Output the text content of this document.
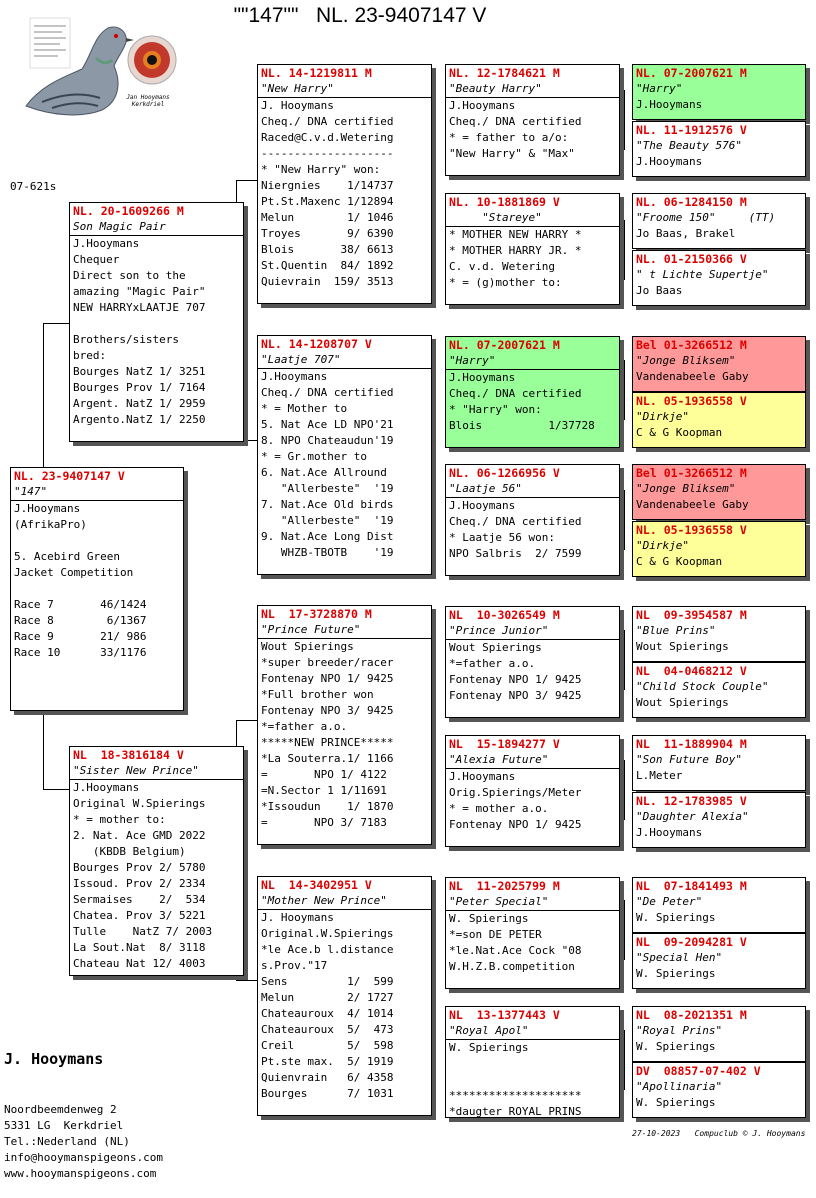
""147""   NL. 23-9407147 V
Jan Hooymans
Kerkdriel
07-621s
NL. 23-9407147 V
"147"
J.Hooymans
(AfrikaPro)

5. Acebird Green
Jacket Competition

Race 7       46/1424
Race 8        6/1367
Race 9       21/ 986
Race 10      33/1176
NL. 20-1609266 M
Son Magic Pair
J.Hooymans
Chequer
Direct son to the
amazing "Magic Pair"
NEW HARRYxLAATJE 707

Brothers/sisters
bred:
Bourges NatZ 1/ 3251
Bourges Prov 1/ 7164
Argent. NatZ 1/ 2959
Argento.NatZ 1/ 2250
NL  18-3816184 V
"Sister New Prince"
J.Hooymans
Original W.Spierings
* = mother to:
2. Nat. Ace GMD 2022
(KBDB Belgium)
Bourges Prov 2/ 5780
Issoud. Prov 2/ 2334
Sermaises    2/  534
Chatea. Prov 3/ 5221
Tulle    NatZ 7/ 2003
La Sout.Nat  8/ 3118
Chateau Nat 12/ 4003
NL. 14-1219811 M
"New Harry"
J. Hooymans
Cheq./ DNA certified
Raced@C.v.d.Wetering
--------------------
* "New Harry" won:
Niergnies    1/14737
Pt.St.Maxenc 1/12894
Melun        1/ 1046
Troyes       9/ 6390
Blois       38/ 6613
St.Quentin  84/ 1892
Quievrain  159/ 3513
NL. 14-1208707 V
"Laatje 707"
J.Hooymans
Cheq./ DNA certified
* = Mother to
5. Nat Ace LD NPO'21
8. NPO Chateaudun'19
* = Gr.mother to
6. Nat.Ace Allround
"Allerbeste"  '19
7. Nat.Ace Old birds
"Allerbeste"  '19
9. Nat.Ace Long Dist
WHZB-TBOTB    '19
NL  17-3728870 M
"Prince Future"
Wout Spierings
*super breeder/racer
Fontenay NPO 1/ 9425
*Full brother won
Fontenay NPO 3/ 9425
*=father a.o.
*****NEW PRINCE*****
*La Souterra.1/ 1166
=       NPO 1/ 4122
=N.Sector 1 1/11691
*Issoudun    1/ 1870
=       NPO 3/ 7183
NL  14-3402951 V
"Mother New Prince"
J. Hooymans
Original.W.Spierings
*le Ace.b l.distance
s.Prov."17
Sens         1/  599
Melun        2/ 1727
Chateauroux  4/ 1014
Chateauroux  5/  473
Creil        5/  598
Pt.ste max.  5/ 1919
Quienvrain   6/ 4358
Bourges      7/ 1031
NL. 12-1784621 M
"Beauty Harry"
J.Hooymans
Cheq./ DNA certified
* = father to a/o:
"New Harry" & "Max"
NL. 10-1881869 V
"Stareye"
* MOTHER NEW HARRY *
* MOTHER HARRY JR. *
C. v.d. Wetering
* = (g)mother to:
NL. 07-2007621 M
"Harry"
J.Hooymans
Cheq./ DNA certified
* "Harry" won:
Blois          1/37728
NL. 06-1266956 V
"Laatje 56"
J.Hooymans
Cheq./ DNA certified
* Laatje 56 won:
NPO Salbris  2/ 7599
NL  10-3026549 M
"Prince Junior"
Wout Spierings
*=father a.o.
Fontenay NPO 1/ 9425
Fontenay NPO 3/ 9425
NL  15-1894277 V
"Alexia Future"
J.Hooymans
Orig.Spierings/Meter
* = mother a.o.
Fontenay NPO 1/ 9425
NL  11-2025799 M
"Peter Special"
W. Spierings
*=son DE PETER
*le.Nat.Ace Cock "08
W.H.Z.B.competition
NL  13-1377443 V
"Royal Apol"
W. Spierings

********************
*daugter ROYAL PRINS
NL. 07-2007621 M
"Harry"
J.Hooymans
NL. 11-1912576 V
"The Beauty 576"
J.Hooymans
NL. 06-1284150 M
"Froome 150"     (TT)
Jo Baas, Brakel
NL. 01-2150366 V
" t Lichte Supertje"
Jo Baas
Bel 01-3266512 M
"Jonge Bliksem"
Vandenabeele Gaby
NL. 05-1936558 V
"Dirkje"
C & G Koopman
Bel 01-3266512 M
"Jonge Bliksem"
Vandenabeele Gaby
NL. 05-1936558 V
"Dirkje"
C & G Koopman
NL  09-3954587 M
"Blue Prins"
Wout Spierings
NL  04-0468212 V
"Child Stock Couple"
Wout Spierings
NL  11-1889904 M
"Son Future Boy"
L.Meter
NL. 12-1783985 V
"Daughter Alexia"
J.Hooymans
NL  07-1841493 M
"De Peter"
W. Spierings
NL  09-2094281 V
"Special Hen"
W. Spierings
NL  08-2021351 M
"Royal Prins"
W. Spierings
DV  08857-07-402 V
"Apollinaria"
W. Spierings

J. Hooymans

Noordbeemdenweg 2
5331 LG  Kerkdriel
Tel.:Nederland (NL)
info@hooymanspigeons.com
www.hooymanspigeons.com

27-10-2023   Compuclub © J. Hooymans
